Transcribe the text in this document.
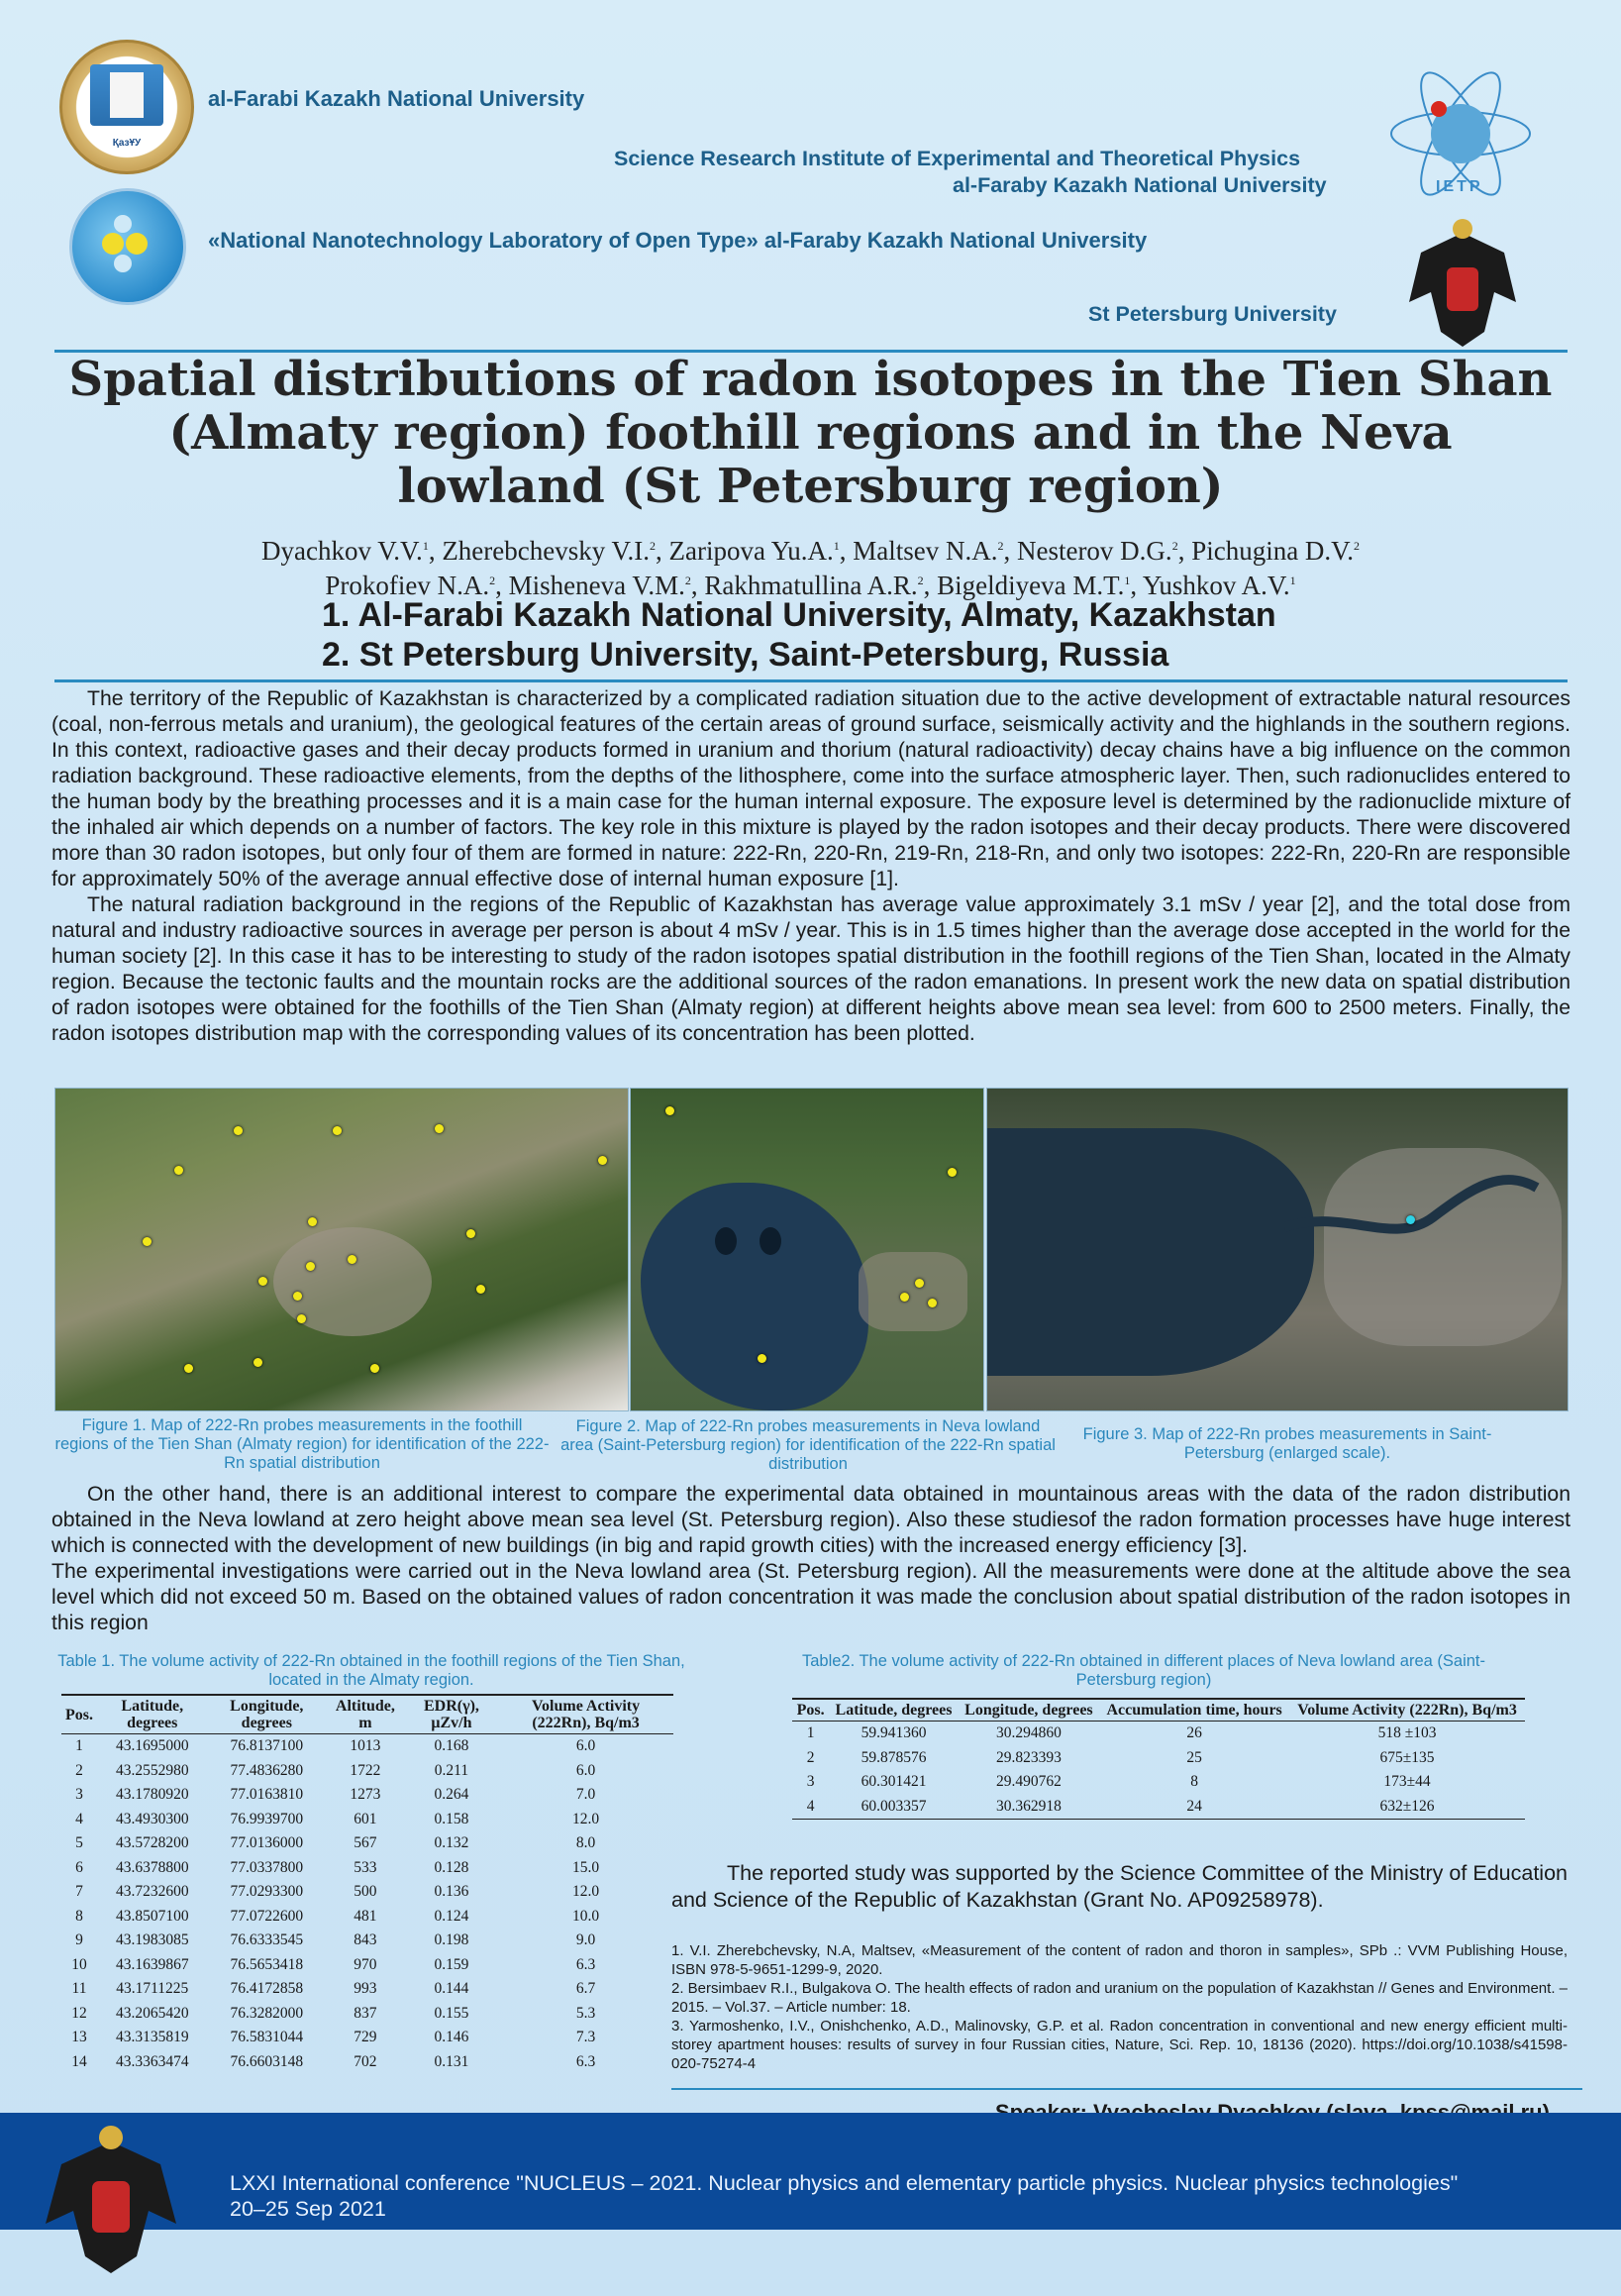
ҚазҰУ
al-Farabi Kazakh National University
Science Research Institute of Experimental and Theoretical Physics
al-Faraby Kazakh National University
«National Nanotechnology Laboratory of Open Type» al-Faraby Kazakh National University
St Petersburg University
IETP
Spatial distributions of radon isotopes in the Tien Shan (Almaty region) foothill regions and in the Neva lowland (St Petersburg region)
Dyachkov V.V.$^1$, Zherebchevsky V.I.$^2$, Zaripova Yu.A.$^1$, Maltsev N.A.$^2$, Nesterov D.G.$^2$, Pichugina D.V.$^2$
Prokofiev N.A.$^2$, Misheneva V.M.$^2$, Rakhmatullina A.R.$^2$, Bigeldiyeva M.T.$^1$, Yushkov A.V.$^1$
1. Al-Farabi Kazakh National University, Almaty, Kazakhstan
2. St Petersburg University, Saint-Petersburg, Russia

The territory of the Republic of Kazakhstan is characterized by a complicated radiation situation due to the active development of extractable natural resources (coal, non-ferrous metals and uranium), the geological features of the certain areas of ground surface, seismically activity and the highlands in the southern regions. In this context, radioactive gases and their decay products formed in uranium and thorium (natural radioactivity) decay chains have a big influence on the common radiation background. These radioactive elements, from the depths of the lithosphere, come into the surface atmospheric layer. Then, such radionuclides entered to the human body by the breathing processes and it is a main case for the human internal exposure. The exposure level is determined by the radionuclide mixture of the inhaled air which depends on a number of factors. The key role in this mixture is played by the radon isotopes and their decay products. There were discovered more than 30 radon isotopes, but only four of them are formed in nature: 222-Rn, 220-Rn, 219-Rn, 218-Rn, and only two isotopes: 222-Rn, 220-Rn are responsible for approximately 50% of the average annual effective dose of internal human exposure [1].

The natural radiation background in the regions of the Republic of Kazakhstan has average value approximately 3.1 mSv / year [2], and the total dose from natural and industry radioactive sources in average per person is about 4 mSv / year. This is in 1.5 times higher than the average dose accepted in the world for the human society [2]. In this case it has to be interesting to study of the radon isotopes spatial distribution in the foothill regions of the Tien Shan, located in the Almaty region. Because the tectonic faults and the mountain rocks are the additional sources of the radon emanations. In present work the new data on spatial distribution of radon isotopes were obtained for the foothills of the Tien Shan (Almaty region) at different heights above mean sea level: from 600 to 2500 meters. Finally, the radon isotopes distribution map with the corresponding values of its concentration has been plotted.

Figure 1. Map of 222-Rn probes measurements in the foothill regions of the Tien Shan (Almaty region) for identification of the 222-Rn spatial distribution
Figure 2. Map of 222-Rn probes measurements in Neva lowland area (Saint-Petersburg region) for identification of the 222-Rn spatial distribution
Figure 3. Map of 222-Rn probes measurements in Saint-Petersburg (enlarged scale).

On the other hand, there is an additional interest to compare the experimental data obtained in mountainous areas with the data of the radon distribution obtained in the Neva lowland at zero height above mean sea level (St. Petersburg region). Also these studiesof the radon formation processes have huge interest which is connected with the development of new buildings (in big and rapid growth cities) with the increased energy efficiency [3].

The experimental investigations were carried out in the Neva lowland area (St. Petersburg region). All the measurements were done at the altitude above the sea level which did not exceed 50 m. Based on the obtained values of radon concentration it was made the conclusion about spatial distribution of the radon isotopes in this region

Table 1. The volume activity of 222-Rn obtained in the foothill regions of the Tien Shan, located in the Almaty region.
Pos.	Latitude, degrees	Longitude, degrees	Altitude, m	EDR(γ), μZv/h	Volume Activity (222Rn), Bq/m3
1	43.1695000	76.8137100	1013	0.168	6.0
2	43.2552980	77.4836280	1722	0.211	6.0
3	43.1780920	77.0163810	1273	0.264	7.0
4	43.4930300	76.9939700	601	0.158	12.0
5	43.5728200	77.0136000	567	0.132	8.0
6	43.6378800	77.0337800	533	0.128	15.0
7	43.7232600	77.0293300	500	0.136	12.0
8	43.8507100	77.0722600	481	0.124	10.0
9	43.1983085	76.6333545	843	0.198	9.0
10	43.1639867	76.5653418	970	0.159	6.3
11	43.1711225	76.4172858	993	0.144	6.7
12	43.2065420	76.3282000	837	0.155	5.3
13	43.3135819	76.5831044	729	0.146	7.3
14	43.3363474	76.6603148	702	0.131	6.3
Table2. The volume activity of 222-Rn obtained in different places of Neva lowland area (Saint-Petersburg region)
Pos.	Latitude, degrees	Longitude, degrees	Accumulation time, hours	Volume Activity (222Rn), Bq/m3
1	59.941360	30.294860	26	518 ±103
2	59.878576	29.823393	25	675±135
3	60.301421	29.490762	8	173±44
4	60.003357	30.362918	24	632±126
The reported study was supported by the Science Committee of the Ministry of Education and Science of the Republic of Kazakhstan (Grant No. AP09258978).
1. V.I. Zherebchevsky, N.A, Maltsev, «Measurement of the content of radon and thoron in samples», SPb .: VVM Publishing House, ISBN 978-5-9651-1299-9, 2020.
2. Bersimbaev R.I., Bulgakova O. The health effects of radon and uranium on the population of Kazakhstan // Genes and Environment. –2015. – Vol.37. – Article number: 18.
3. Yarmoshenko, I.V., Onishchenko, A.D., Malinovsky, G.P. et al. Radon concentration in conventional and new energy efficient multi-storey apartment houses: results of survey in four Russian cities, Nature, Sci. Rep. 10, 18136 (2020). https://doi.org/10.1038/s41598-020-75274-4
LXXI International conference "NUCLEUS – 2021. Nuclear physics and elementary particle physics. Nuclear physics technologies"
20–25 Sep 2021
